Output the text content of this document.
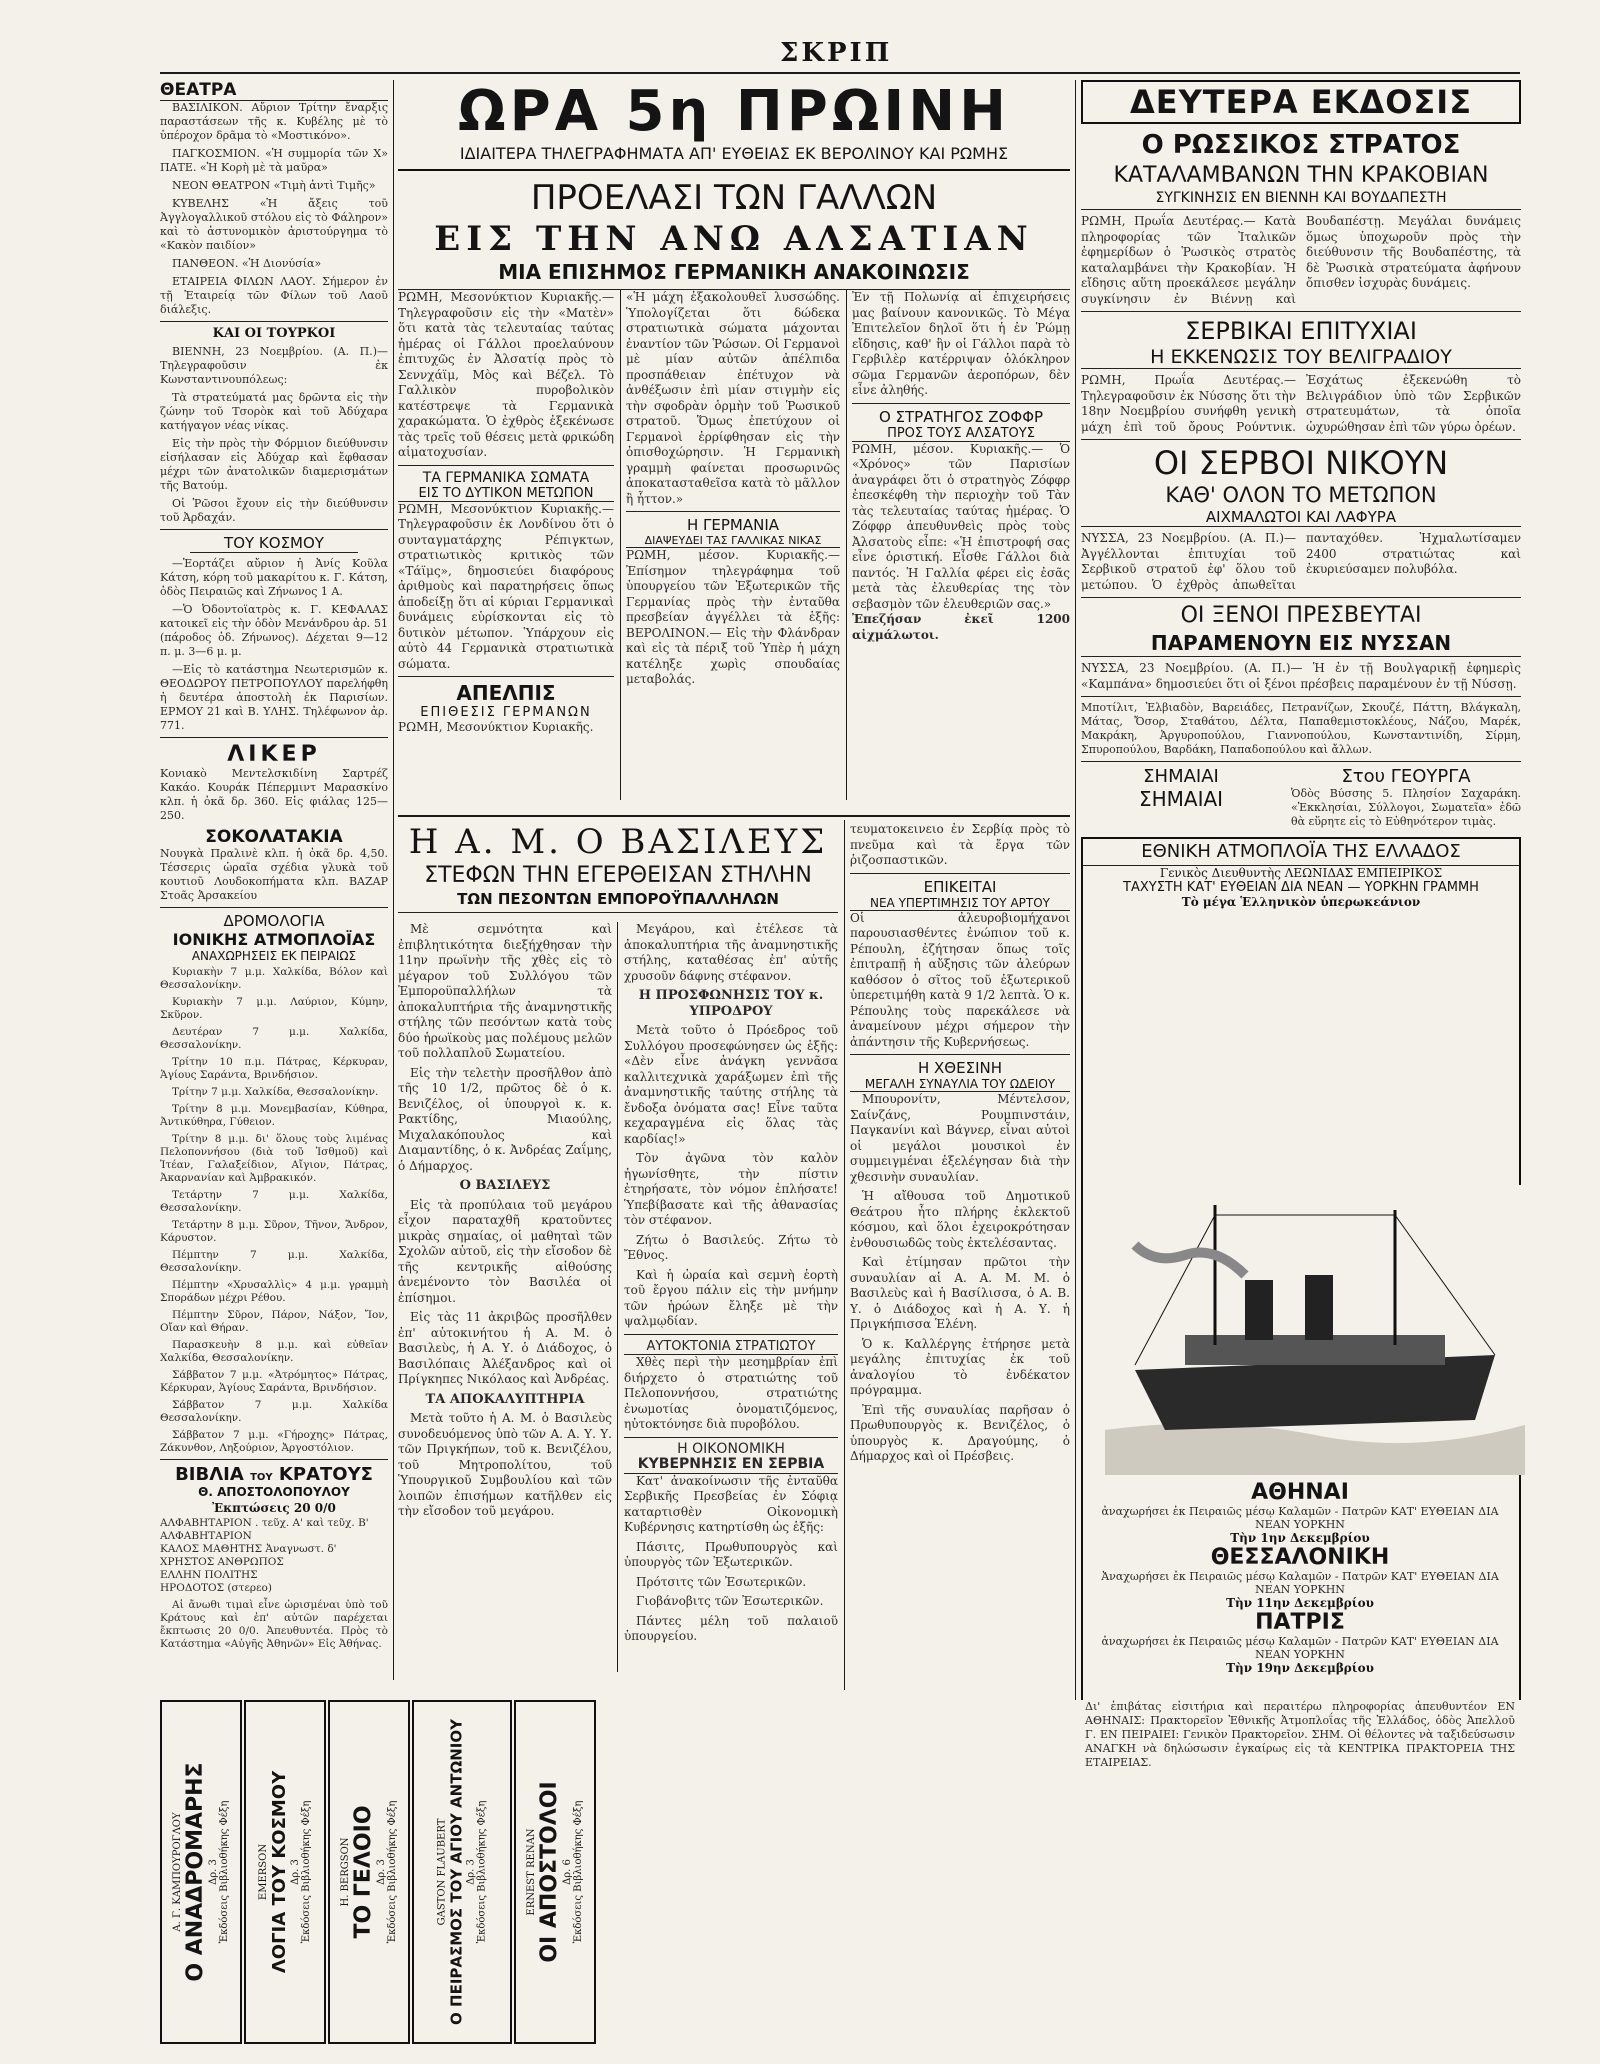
ΣΚΡΙΠ
ΘΕΑΤΡΑ

ΒΑΣΙΛΙΚΟΝ. Αὔριον Τρίτην ἔναρξις παραστάσεων τῆς κ. Κυβέλης μὲ τὸ ὑπέροχον δρᾶμα τὸ «Μοστικόνο».

ΠΑΓΚΟΣΜΙΟΝ. «Ἡ συμμορία τῶν Χ» ΠΑΤΕ. «Ἡ Κορὴ μὲ τὰ μαῦρα»

ΝΕΟΝ ΘΕΑΤΡΟΝ «Τιμὴ ἀντὶ Τιμῆς»

ΚΥΒΕΛΗΣ «Ἡ ἄξεις τοῦ Ἀγγλογαλλικοῦ στόλου εἰς τὸ Φάληρον» καὶ τὸ ἀστυνομικὸν ἀριστούργημα τὸ «Κακὸν παιδίον»

ΠΑΝΘΕΟΝ. «Ἡ Διονύσία»

ΕΤΑΙΡΕΙΑ ΦΙΛΩΝ ΛΑΟΥ. Σήμερον ἐν τῇ Ἑταιρείᾳ τῶν Φίλων τοῦ Λαοῦ διάλεξις.

ΚΑΙ ΟΙ ΤΟΥΡΚΟΙ

ΒΙΕΝΝΗ, 23 Νοεμβρίου. (Α. Π.)— Τηλεγραφοῦσιν ἐκ Κωνσταντινουπόλεως:

Τὰ στρατεύματά μας δρῶντα εἰς τὴν ζώνην τοῦ Τσορὸκ καὶ τοῦ Ἀδύχαρα κατήγαγον νέας νίκας.

Εἰς τὴν πρὸς τὴν Φόρμιον διεύθυνσιν εἰσήλασαν εἰς Ἀδύχαρ καὶ ἔφθασαν μέχρι τῶν ἀνατολικῶν διαμερισμάτων τῆς Βατούμ.

Οἱ Ῥῶσοι ἔχουν εἰς τὴν διεύθυνσιν τοῦ Ἀρδαχάν.

ΤΟΥ ΚΟΣΜΟΥ

—Ἑορτάζει αὔριον ἡ Ἀνίς Κοῦλα Κάτση, κόρη τοῦ μακαρίτου κ. Γ. Κάτση, ὁδὸς Πειραιῶς καὶ Ζήνωνος 1 Α.

—Ὁ Ὀδοντοϊατρὸς κ. Γ. ΚΕΦΑΛΑΣ κατοικεῖ εἰς τὴν ὁδὸν Μενάνδρου ἀρ. 51 (πάροδος ὁδ. Ζήνωνος). Δέχεται 9—12 π. μ. 3—6 μ. μ.

—Εἰς τὸ κατάστημα Νεωτερισμῶν κ. ΘΕΟΔΩΡΟΥ ΠΕΤΡΟΠΟΥΛΟΥ παρελήφθη ἡ δευτέρα ἀποστολὴ ἐκ Παρισίων. ΕΡΜΟΥ 21 καὶ Β. ΥΛΗΣ. Τηλέφωνον ἀρ. 771.

ΛΙΚΕΡ
Κονιακὸ Μεντελσκιδίνη Σαρτρέζ Κακάο. Κουράκ Πέπερμιντ Μαρασκίνο κλπ. ἡ ὀκᾶ δρ. 360. Εἰς φιάλας 125—250.
ΣΟΚΟΛΑΤΑΚΙΑ
Νουγκὰ Πραλινὲ κλπ. ἡ ὀκᾶ δρ. 4,50. Τέσσερις ὡραῖα σχέδια γλυκὰ τοῦ κουτιοῦ Λουδοκοπήματα κλπ. ΒΑΖΑΡ Στοᾶς Ἀρσακείου
ΔΡΟΜΟΛΟΓΙΑ
ΙΟΝΙΚΗΣ ΑΤΜΟΠΛΟΪΑΣ
ΑΝΑΧΩΡΗΣΕΙΣ ΕΚ ΠΕΙΡΑΙΩΣ

Κυριακὴν 7 μ.μ. Χαλκίδα, Βόλον καὶ Θεσσαλονίκην.

Κυριακὴν 7 μ.μ. Λαύριον, Κύμην, Σκῦρον.

Δευτέραν 7 μ.μ. Χαλκίδα, Θεσσαλονίκην.

Τρίτην 10 π.μ. Πάτρας, Κέρκυραν, Ἁγίους Σαράντα, Βρινδήσιον.

Τρίτην 7 μ.μ. Χαλκίδα, Θεσσαλονίκην.

Τρίτην 8 μ.μ. Μονεμβασίαν, Κύθηρα, Ἀντικύθηρα, Γύθειον.

Τρίτην 8 μ.μ. δι' ὅλους τοὺς λιμένας Πελοποννήσου (διὰ τοῦ Ἰσθμοῦ) καὶ Ἰτέαν, Γαλαξείδιον, Αἴγιον, Πάτρας, Ἀκαρνανίαν καὶ Ἀμβρακικόν.

Τετάρτην 7 μ.μ. Χαλκίδα, Θεσσαλονίκην.

Τετάρτην 8 μ.μ. Σῦρον, Τῆνον, Ἄνδρον, Κάρυστον.

Πέμπτην 7 μ.μ. Χαλκίδα, Θεσσαλονίκην.

Πέμπτην «Χρυσαλλὶς» 4 μ.μ. γραμμὴ Σποράδων μέχρι Ρέθου.

Πέμπτην Σῦρον, Πάρον, Νάξον, Ἴον, Οἴαν καὶ Θήραν.

Παρασκευὴν 8 μ.μ. καὶ εὐθεῖαν Χαλκίδα, Θεσσαλονίκην.

Σάββατον 7 μ.μ. «Ἀτρόμητος» Πάτρας, Κέρκυραν, Ἁγίους Σαράντα, Βρινδήσιον.

Σάββατον 7 μ.μ. Χαλκίδα Θεσσαλονίκην.

Σάββατον 7 μ.μ. «Γήροχης» Πάτρας, Ζάκυνθον, Ληξούριον, Ἀργοστόλιον.

ΒΙΒΛΙΑ ΤΟΥ ΚΡΑΤΟΥΣ
Θ. ΑΠΟΣΤΟΛΟΠΟΥΛΟΥ
Ἐκπτώσεις 20 0/0
ΑΛΦΑΒΗΤΑΡΙΟΝ . τεῦχ. Α' καὶ τεῦχ. Β'
ΑΛΦΑΒΗΤΑΡΙΟΝ
ΚΑΛΟΣ ΜΑΘΗΤΗΣ Ἀναγνωστ. δ'
ΧΡΗΣΤΟΣ ΑΝΘΡΩΠΟΣ
ΕΛΛΗΝ ΠΟΛΙΤΗΣ
ΗΡΟΔΟΤΟΣ (στερεο)

Αἱ ἄνωθι τιμαὶ εἶνε ὡρισμέναι ὑπὸ τοῦ Κράτους καὶ ἐπ' αὐτῶν παρέχεται ἔκπτωσις 20 0/0. Ἀπευθυντέα. Πρὸς τὸ Κατάστημα «Αὐγῆς Ἀθηνῶν» Εἰς Ἀθήνας.

ΩΡΑ 5η ΠΡΩΙΝΗ
ΙΔΙΑΙΤΕΡΑ ΤΗΛΕΓΡΑΦΗΜΑΤΑ ΑΠ' ΕΥΘΕΙΑΣ ΕΚ ΒΕΡΟΛΙΝΟΥ ΚΑΙ ΡΩΜΗΣ
ΠΡΟΕΛΑΣΙ ΤΩΝ ΓΑΛΛΩΝ
ΕΙΣ ΤΗΝ ΑΝΩ ΑΛΣΑΤΙΑΝ
ΜΙΑ ΕΠΙΣΗΜΟΣ ΓΕΡΜΑΝΙΚΗ ΑΝΑΚΟΙΝΩΣΙΣ
ΡΩΜΗ, Μεσονύκτιον Κυριακῆς.— Τηλεγραφοῦσιν εἰς τὴν «Ματὲν» ὅτι κατὰ τὰς τελευταίας ταύτας ἡμέρας οἱ Γάλλοι προελαύνουν ἐπιτυχῶς ἐν Ἀλσατίᾳ πρὸς τὸ Σεννχάϊμ, Μὸς καὶ Βέζελ. Τὸ Γαλλικὸν πυροβολικὸν κατέστρεψε τὰ Γερμανικὰ χαρακώματα. Ὁ ἐχθρὸς ἐξεκένωσε τὰς τρεῖς τοῦ θέσεις μετὰ φρικώδη αἱματοχυσίαν.
ΤΑ ΓΕΡΜΑΝΙΚΑ ΣΩΜΑΤΑ
ΕΙΣ ΤΟ ΔΥΤΙΚΟΝ ΜΕΤΩΠΟΝ
ΡΩΜΗ, Μεσονύκτιον Κυριακῆς.—Τηλεγραφοῦσιν ἐκ Λονδίνου ὅτι ὁ συνταγματάρχης Ρέπιγκτων, στρατιωτικὸς κριτικὸς τῶν «Τάϊμς», δημοσιεύει διαφόρους ἀριθμοὺς καὶ παρατηρήσεις ὅπως ἀποδείξῃ ὅτι αἱ κύριαι Γερμανικαὶ δυνάμεις εὑρίσκονται εἰς τὸ δυτικὸν μέτωπον. Ὑπάρχουν εἰς αὐτὸ 44 Γερμανικὰ στρατιωτικὰ σώματα.
ΑΠΕΛΠΙΣ
ΕΠΙΘΕΣΙΣ ΓΕΡΜΑΝΩΝ
ΡΩΜΗ, Μεσονύκτιον Κυριακῆς.
«Ἡ μάχη ἐξακολουθεῖ λυσσώδης. Ὑπολογίζεται ὅτι δώδεκα στρατιωτικὰ σώματα μάχονται ἐναντίον τῶν Ῥώσων. Οἱ Γερμανοὶ μὲ μίαν αὐτῶν ἀπέλπιδα προσπάθειαν ἐπέτυχον νὰ ἀνθέξωσιν ἐπὶ μίαν στιγμὴν εἰς τὴν σφοδρὰν ὁρμὴν τοῦ Ῥωσικοῦ στρατοῦ. Ὅμως ἐπετύχουν οἱ Γερμανοὶ ἐρρίφθησαν εἰς τὴν ὀπισθοχώρησιν. Ἡ Γερμανικὴ γραμμὴ φαίνεται προσωρινῶς ἀποκατασταθεῖσα κατὰ τὸ μᾶλλον ἢ ἧττον.»
Η ΓΕΡΜΑΝΙΑ
ΔΙΑΨΕΥΔΕΙ ΤΑΣ ΓΑΛΛΙΚΑΣ ΝΙΚΑΣ
ΡΩΜΗ, μέσον. Κυριακῆς.—Ἐπίσημον τηλεγράφημα τοῦ ὑπουργείου τῶν Ἐξωτερικῶν τῆς Γερμανίας πρὸς τὴν ἐνταῦθα πρεσβείαν ἀγγέλλει τὰ ἑξῆς: ΒΕΡΟΛΙΝΟΝ.— Εἰς τὴν Φλάνδραν καὶ εἰς τὰ πέριξ τοῦ Ὑπὲρ ἡ μάχη κατέληξε χωρὶς σπουδαίας μεταβολάς.
Ἐν τῇ Πολωνίᾳ αἱ ἐπιχειρήσεις μας βαίνουν κανονικῶς. Τὸ Μέγα Ἐπιτελεῖον δηλοῖ ὅτι ἡ ἐν Ῥώμῃ εἴδησις, καθ' ἣν οἱ Γάλλοι παρὰ τὸ Γερβιλὲρ κατέρριψαν ὁλόκληρον σῶμα Γερμανῶν ἀεροπόρων, δὲν εἶνε ἀληθής.
Ο ΣΤΡΑΤΗΓΟΣ ΖΟΦΦΡ
ΠΡΟΣ ΤΟΥΣ ΑΛΣΑΤΟΥΣ
ΡΩΜΗ, μέσον. Κυριακῆς.— Ὁ «Χρόνος» τῶν Παρισίων ἀναγράφει ὅτι ὁ στρατηγὸς Ζόφφρ ἐπεσκέφθη τὴν περιοχὴν τοῦ Τὰν τὰς τελευταίας ταύτας ἡμέρας. Ὁ Ζόφφρ ἀπευθυνθεὶς πρὸς τοὺς Ἀλσατοὺς εἶπε: «Ἡ ἐπιστροφή σας εἶνε ὁριστική. Εἶσθε Γάλλοι διὰ παντός. Ἡ Γαλλία φέρει εἰς ἐσᾶς μετὰ τὰς ἐλευθερίας της τὸν σεβασμὸν τῶν ἐλευθεριῶν σας.»
Ἐπεζήσαν ἐκεῖ 1200 αἰχμάλωτοι.
Η Α. Μ. Ο ΒΑΣΙΛΕΥΣ
ΣΤΕΦΩΝ ΤΗΝ ΕΓΕΡΘΕΙΣΑΝ ΣΤΗΛΗΝ
ΤΩΝ ΠΕΣΟΝΤΩΝ ΕΜΠΟΡΟΫΠΑΛΛΗΛΩΝ

Μὲ σεμνότητα καὶ ἐπιβλητικότητα διεξήχθησαν τὴν 11ην πρωϊνὴν τῆς χθὲς εἰς τὸ μέγαρον τοῦ Συλλόγου τῶν Ἐμποροϋπαλλήλων τὰ ἀποκαλυπτήρια τῆς ἀναμνηστικῆς στήλης τῶν πεσόντων κατὰ τοὺς δύο ἡρωϊκοὺς μας πολέμους μελῶν τοῦ πολλαπλοῦ Σωματείου.

Εἰς τὴν τελετὴν προσῆλθον ἀπὸ τῆς 10 1/2, πρῶτος δὲ ὁ κ. Βενιζέλος, οἱ ὑπουργοὶ κ. κ. Ρακτίδης, Μιαούλης, Μιχαλακόπουλος καὶ Διαμαντίδης, ὁ κ. Ἀνδρέας Ζαΐμης, ὁ Δήμαρχος.

Ο ΒΑΣΙΛΕΥΣ

Εἰς τὰ προπύλαια τοῦ μεγάρου εἶχον παραταχθῆ κρατοῦντες μικρὰς σημαίας, οἱ μαθηταὶ τῶν Σχολῶν αὐτοῦ, εἰς τὴν εἴσοδον δὲ τῆς κεντρικῆς αἰθούσης ἀνεμένοντο τὸν Βασιλέα οἱ ἐπίσημοι.

Εἰς τὰς 11 ἀκριβῶς προσῆλθεν ἐπ' αὐτοκινήτου ἡ Α. Μ. ὁ Βασιλεὺς, ἡ Α. Υ. ὁ Διάδοχος, ὁ Βασιλόπαις Ἀλέξανδρος καὶ οἱ Πρίγκηπες Νικόλαος καὶ Ἀνδρέας.

ΤΑ ΑΠΟΚΑΛΥΠΤΗΡΙΑ

Μετὰ τοῦτο ἡ Α. Μ. ὁ Βασιλεὺς συνοδευόμενος ὑπὸ τῶν Α. Α. Υ. Υ. τῶν Πριγκήπων, τοῦ κ. Βενιζέλου, τοῦ Μητροπολίτου, τοῦ Ὑπουργικοῦ Συμβουλίου καὶ τῶν λοιπῶν ἐπισήμων κατῆλθεν εἰς τὴν εἴσοδον τοῦ μεγάρου.

Μεγάρου, καὶ ἐτέλεσε τὰ ἀποκαλυπτήρια τῆς ἀναμνηστικῆς στήλης, καταθέσας ἐπ' αὐτῆς χρυσοῦν δάφνης στέφανον.

Η ΠΡΟΣΦΩΝΗΣΙΣ ΤΟΥ κ. ΥΠΡΟΔΡΟΥ

Μετὰ τοῦτο ὁ Πρόεδρος τοῦ Συλλόγου προσεφώνησεν ὡς ἑξῆς: «Δὲν εἶνε ἀνάγκη γεννᾶσα καλλιτεχνικὰ χαράξωμεν ἐπὶ τῆς ἀναμνηστικῆς ταύτης στήλης τὰ ἔνδοξα ὀνόματα σας! Εἶνε ταῦτα κεχαραγμένα εἰς ὅλας τὰς καρδίας!»

Τὸν ἀγῶνα τὸν καλὸν ἠγωνίσθητε, τὴν πίστιν ἐτηρήσατε, τὸν νόμον ἐπλήσατε! Ὑπεβίβασατε καὶ τῆς ἀθανασίας τὸν στέφανον.

Ζήτω ὁ Βασιλεύς. Ζήτω τὸ Ἔθνος.

Καὶ ἡ ὡραία καὶ σεμνὴ ἑορτὴ τοῦ ἔργου πάλιν εἰς τὴν μνήμην τῶν ἡρώων ἔληξε μὲ τὴν ψαλμῳδίαν.

ΑΥΤΟΚΤΟΝΙΑ ΣΤΡΑΤΙΩΤΟΥ

Χθὲς περὶ τὴν μεσημβρίαν ἐπὶ διήρχετο ὁ στρατιώτης τοῦ Πελοποννήσου, στρατιώτης ἐνωμοτίας ὀνοματιζόμενος, ηὐτοκτόνησε διὰ πυροβόλου.

Η ΟΙΚΟΝΟΜΙΚΗ
ΚΥΒΕΡΝΗΣΙΣ ΕΝ ΣΕΡΒΙΑ

Κατ' ἀνακοίνωσιν τῆς ἐνταῦθα Σερβικῆς Πρεσβείας ἐν Σόφιᾳ καταρτισθὲν Οἰκονομικὴ Κυβέρνησις κατηρτίσθη ὡς ἑξῆς:

Πάσιτς, Πρωθυπουργὸς καὶ ὑπουργὸς τῶν Ἐξωτερικῶν.

Πρότσιτς τῶν Ἐσωτερικῶν.

Γιοβάνοβιτς τῶν Ἐσωτερικῶν.

Πάντες μέλη τοῦ παλαιοῦ ὑπουργείου.

τευματοκεινειο ἐν Σερβίᾳ πρὸς τὸ πνεῦμα καὶ τὰ ἔργα τῶν ῥιζοσπαστικῶν.
ΕΠΙΚΕΙΤΑΙ
ΝΕΑ ΥΠΕΡΤΙΜΗΣΙΣ ΤΟΥ ΑΡΤΟΥ
Οἱ ἀλευροβιομήχανοι παρουσιασθέντες ἐνώπιον τοῦ κ. Ρέπουλη, ἐζήτησαν ὅπως τοῖς ἐπιτραπῇ ἡ αὔξησις τῶν ἀλεύρων καθόσον ὁ σῖτος τοῦ ἐξωτερικοῦ ὑπερετιμήθη κατὰ 9 1/2 λεπτὰ. Ὁ κ. Ρέπουλης τοὺς παρεκάλεσε νὰ ἀναμείνουν μέχρι σήμερον τὴν ἀπάντησιν τῆς Κυβερνήσεως.
Η ΧΘΕΣΙΝΗ
ΜΕΓΑΛΗ ΣΥΝΑΥΛΙΑ ΤΟΥ ΩΔΕΙΟΥ

Μπουρονίτν, Μέντελσον, Σαίνζάνς, Ρουμπινστάιν, Παγκανίνι καὶ Βάγνερ, εἶναι αὐτοὶ οἱ μεγάλοι μουσικοὶ ἐν συμμειγμέναι ἐξελέγησαν διὰ τὴν χθεσινὴν συναυλίαν.

Ἡ αἴθουσα τοῦ Δημοτικοῦ Θεάτρου ἦτο πλήρης ἐκλεκτοῦ κόσμου, καὶ ὅλοι ἐχειροκρότησαν ἐνθουσιωδῶς τοὺς ἐκτελέσαντας.

Καὶ ἐτίμησαν πρῶτοι τὴν συναυλίαν αἱ Α. Α. Μ. Μ. ὁ Βασιλεὺς καὶ ἡ Βασίλισσα, ὁ Α. Β. Υ. ὁ Διάδοχος καὶ ἡ Α. Υ. ἡ Πριγκήπισσα Ἑλένη.

Ὁ κ. Καλλέργης ἐτήρησε μετὰ μεγάλης ἐπιτυχίας ἐκ τοῦ ἀναλογίου τὸ ἐνδέκατον πρόγραμμα.

Ἐπὶ τῆς συναυλίας παρῆσαν ὁ Πρωθυπουργὸς κ. Βενιζέλος, ὁ ὑπουργὸς κ. Δραγούμης, ὁ Δήμαρχος καὶ οἱ Πρέσβεις.

ΔΕΥΤΕΡΑ ΕΚΔΟΣΙΣ
Ο ΡΩΣΣΙΚΟΣ ΣΤΡΑΤΟΣ
ΚΑΤΑΛΑΜΒΑΝΩΝ ΤΗΝ ΚΡΑΚΟΒΙΑΝ
ΣΥΓΚΙΝΗΣΙΣ ΕΝ ΒΙΕΝΝΗ ΚΑΙ ΒΟΥΔΑΠΕΣΤΗ
ΡΩΜΗ, Πρωΐα Δευτέρας.— Κατὰ πληροφορίας τῶν Ἰταλικῶν ἐφημερίδων ὁ Ῥωσικὸς στρατὸς καταλαμβάνει τὴν Κρακοβίαν. Ἡ εἴδησις αὕτη προεκάλεσε μεγάλην συγκίνησιν ἐν Βιέννῃ καὶ Βουδαπέστῃ. Μεγάλαι δυνάμεις ὅμως ὑποχωροῦν πρὸς τὴν διεύθυνσιν τῆς Βουδαπέστης, τὰ δὲ Ῥωσικὰ στρατεύματα ἀφήνουν ὄπισθεν ἰσχυρὰς δυνάμεις.
ΣΕΡΒΙΚΑΙ ΕΠΙΤΥΧΙΑΙ
Η ΕΚΚΕΝΩΣΙΣ ΤΟΥ ΒΕΛΙΓΡΑΔΙΟΥ
ΡΩΜΗ, Πρωΐα Δευτέρας.— Τηλεγραφοῦσιν ἐκ Νύσσης ὅτι τὴν 18ην Νοεμβρίου συνήφθη γενικὴ μάχη ἐπὶ τοῦ ὄρους Ρούντνικ. Ἐσχάτως ἐξεκενώθη τὸ Βελιγράδιον ὑπὸ τῶν Σερβικῶν στρατευμάτων, τὰ ὁποῖα ὠχυρώθησαν ἐπὶ τῶν γύρω ὀρέων.
ΟΙ ΣΕΡΒΟΙ ΝΙΚΟΥΝ
ΚΑΘ' ΟΛΟΝ ΤΟ ΜΕΤΩΠΟΝ
ΑΙΧΜΑΛΩΤΟΙ ΚΑΙ ΛΑΦΥΡΑ
ΝΥΣΣΑ, 23 Νοεμβρίου. (Α. Π.)—Ἀγγέλλονται ἐπιτυχίαι τοῦ Σερβικοῦ στρατοῦ ἐφ' ὅλου τοῦ μετώπου. Ὁ ἐχθρὸς ἀπωθεῖται πανταχόθεν. Ἠχμαλωτίσαμεν 2400 στρατιώτας καὶ ἐκυριεύσαμεν πολυβόλα.
ΟΙ ΞΕΝΟΙ ΠΡΕΣΒΕΥΤΑΙ
ΠΑΡΑΜΕΝΟΥΝ ΕΙΣ ΝΥΣΣΑΝ
ΝΥΣΣΑ, 23 Νοεμβρίου. (Α. Π.)— Ἡ ἐν τῇ Βουλγαρικῇ ἐφημερὶς «Καμπάνα» δημοσιεύει ὅτι οἱ ξένοι πρέσβεις παραμένουν ἐν τῇ Νύσσῃ.
Μποτίλιτ, Ἐλβιαδὸν, Βαρειάδες, Πετρανίζων, Σκουζέ, Πάττη, Βλάγκαλη, Μάτας, Ὄσορ, Σταθάτου, Δέλτα, Παπαθεμιστοκλέους, Νάζου, Μαρέκ, Μακράκη, Ἀργυροπούλου, Γιαννοπούλου, Κωνσταντινίδη, Σίρμη, Σπυροπούλου, Βαρδάκη, Παπαδοπούλου καὶ ἄλλων.
ΣΗΜΑΙΑΙ
ΣΗΜΑΙΑΙ
Στου ΓΕΟΥΡΓΑ
Ὁδὸς Βύσσης 5. Πλησίον Σαχαράκη. «Ἐκκλησίαι, Σύλλογοι, Σωματεῖα» ἐδῶ θὰ εὕρητε εἰς τὸ Εὐθηνότερον τιμὰς.
ΕΘΝΙΚΗ ΑΤΜΟΠΛΟΪΑ ΤΗΣ ΕΛΛΑΔΟΣ
Γενικὸς Διευθυντὴς ΛΕΩΝΙΔΑΣ ΕΜΠΕΙΡΙΚΟΣ
ΤΑΧΥΣΤΗ ΚΑΤ' ΕΥΘΕΙΑΝ ΔΙΑ ΝΕΑΝ — ΥΟΡΚΗΝ ΓΡΑΜΜΗ
Τὸ μέγα Ἑλληνικὸν ὑπερωκεάνιον
ΑΘΗΝΑΙ
ἀναχωρήσει ἐκ Πειραιῶς μέσῳ Καλαμῶν - Πατρῶν ΚΑΤ' ΕΥΘΕΙΑΝ ΔΙΑ ΝΕΑΝ ΥΟΡΚΗΝ
Τὴν 1ην Δεκεμβρίου
ΘΕΣΣΑΛΟΝΙΚΗ
Ἀναχωρήσει ἐκ Πειραιῶς μέσῳ Καλαμῶν - Πατρῶν ΚΑΤ' ΕΥΘΕΙΑΝ ΔΙΑ ΝΕΑΝ ΥΟΡΚΗΝ
Τὴν 11ην Δεκεμβρίου
ΠΑΤΡΙΣ
ἀναχωρήσει ἐκ Πειραιῶς μέσῳ Καλαμῶν - Πατρῶν ΚΑΤ' ΕΥΘΕΙΑΝ ΔΙΑ ΝΕΑΝ ΥΟΡΚΗΝ
Τὴν 19ην Δεκεμβρίου
Δι' ἐπιβάτας εἰσιτήρια καὶ περαιτέρω πληροφορίας ἀπευθυντέον ΕΝ ΑΘΗΝΑΙΣ: Πρακτορεῖον Ἐθνικῆς Ἀτμοπλοΐας τῆς Ἑλλάδος, ὁδὸς Ἀπελλοῦ Γ. ΕΝ ΠΕΙΡΑΙΕΙ: Γενικὸν Πρακτορεῖον. ΣΗΜ. Οἱ θέλοντες νὰ ταξιδεύσωσιν ΑΝΑΓΚΗ νὰ δηλώσωσιν ἐγκαίρως εἰς τὰ ΚΕΝΤΡΙΚΑ ΠΡΑΚΤΟΡΕΙΑ ΤΗΣ ΕΤΑΙΡΕΙΑΣ.
Α. Γ. ΚΑΜΠΟΥΡΟΓΛΟΥ Ο ΑΝΑΔΡΟΜΑΡΗΣ Δρ. 3 Ἐκδόσεις Βιβλιοθήκης Φέξη	EMERSON ΛΟΓΙΑ ΤΟΥ ΚΟΣΜΟΥ Δρ. 3 Ἐκδόσεις Βιβλιοθήκης Φέξη	H. BERGSON ΤΟ ΓΕΛΟΙΟ Δρ. 3 Ἐκδόσεις Βιβλιοθήκης Φέξη	GASTON FLAUBERT Ο ΠΕΙΡΑΣΜΟΣ ΤΟΥ ΑΓΙΟΥ ΑΝΤΩΝΙΟΥ Δρ. 3 Ἐκδόσεις Βιβλιοθήκης Φέξη	ERNEST RENAN ΟΙ ΑΠΟΣΤΟΛΟΙ Δρ. 6 Ἐκδόσεις Βιβλιοθήκης Φέξη
